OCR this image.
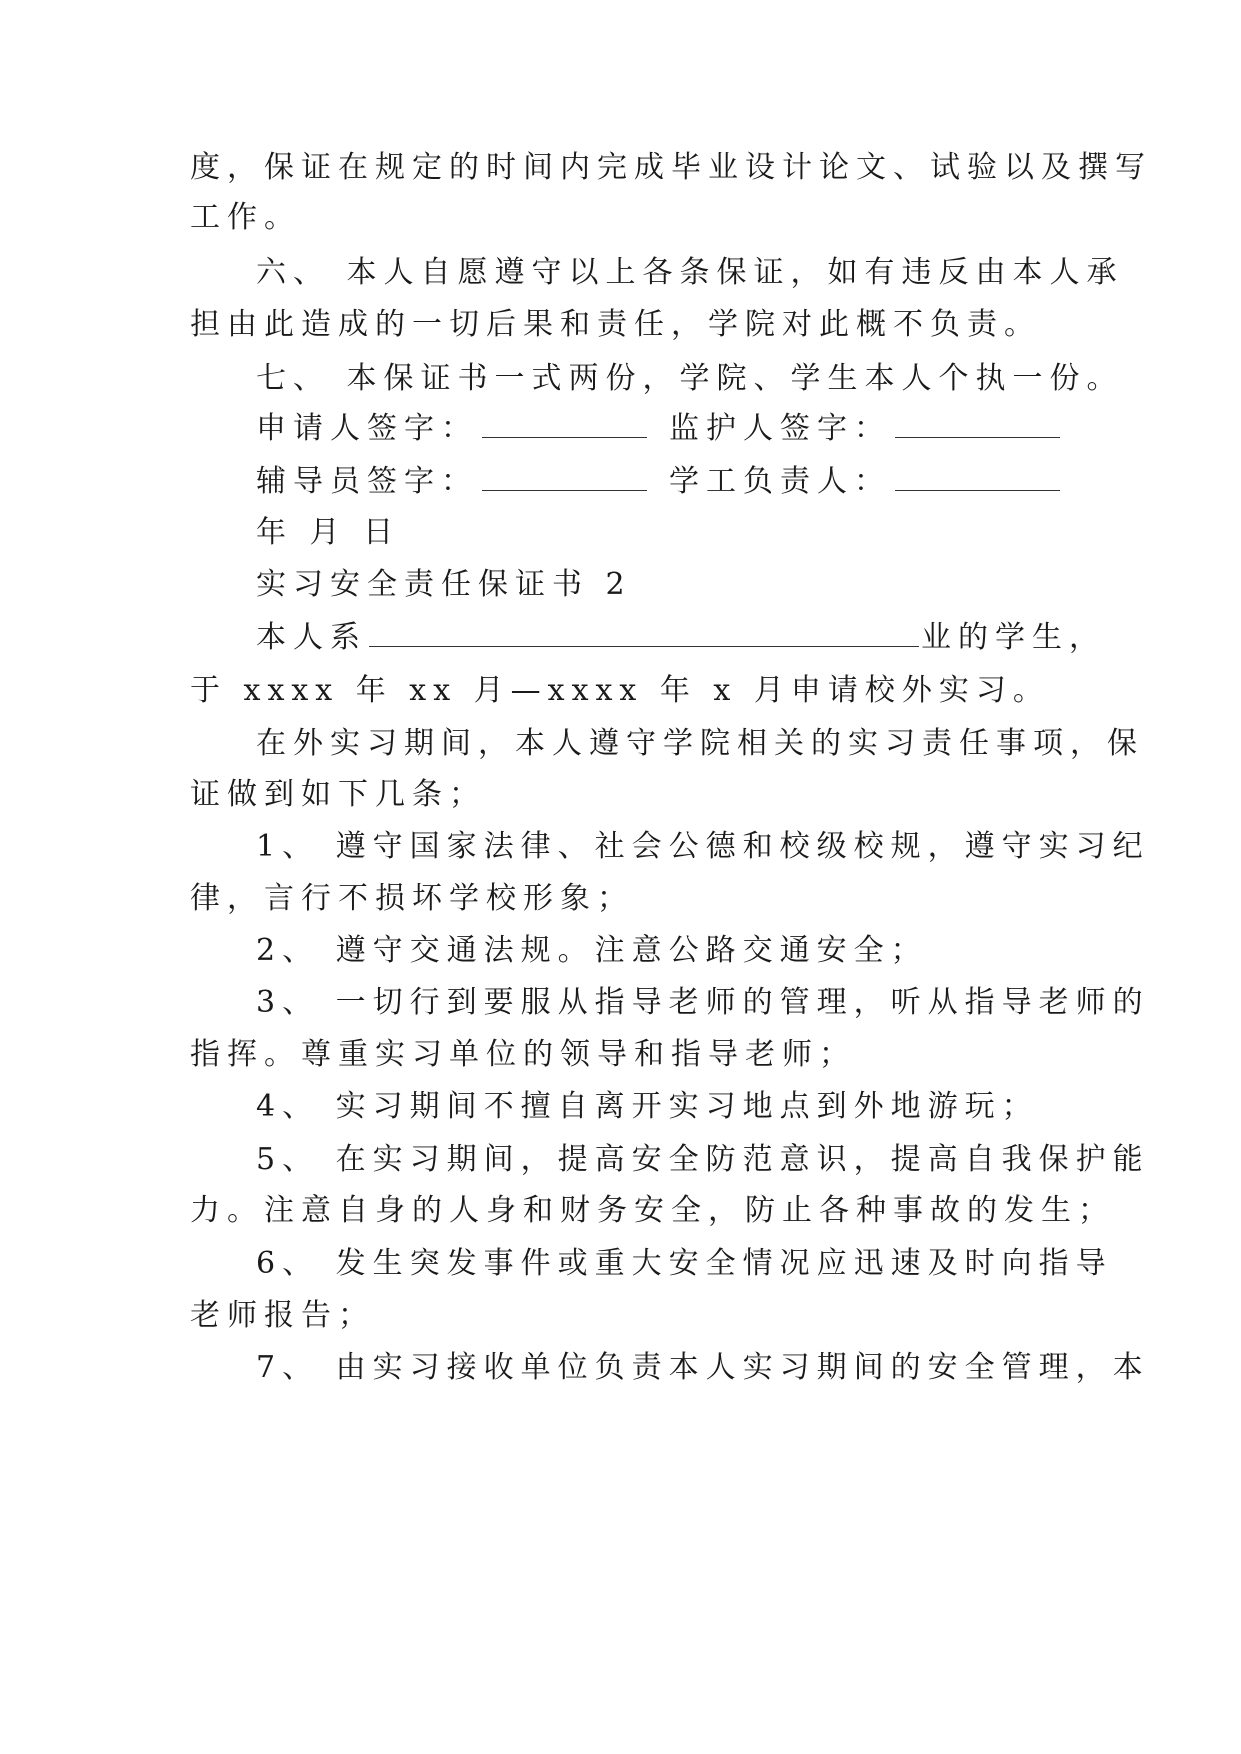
度，保证在规定的时间内完成毕业设计论文、试验以及撰写
工作。
六、 本人自愿遵守以上各条保证，如有违反由本人承
担由此造成的一切后果和责任，学院对此概不负责。
七、 本保证书一式两份，学院、学生本人个执一份。
申请人签字：	监护人签字：
辅导员签字：	学工负责人：
年 月 日
实习安全责任保证书 2
本人系	业的学生，
于 xxxx 年 xx 月—xxxx 年 x 月申请校外实习。
在外实习期间，本人遵守学院相关的实习责任事项，保
证做到如下几条；
1、 遵守国家法律、社会公德和校级校规，遵守实习纪
律，言行不损坏学校形象；
2、 遵守交通法规。注意公路交通安全；
3、 一切行到要服从指导老师的管理，听从指导老师的
指挥。尊重实习单位的领导和指导老师；
4、 实习期间不擅自离开实习地点到外地游玩；
5、 在实习期间，提高安全防范意识，提高自我保护能
力。注意自身的人身和财务安全，防止各种事故的发生；
6、 发生突发事件或重大安全情况应迅速及时向指导
老师报告；
7、 由实习接收单位负责本人实习期间的安全管理，本
